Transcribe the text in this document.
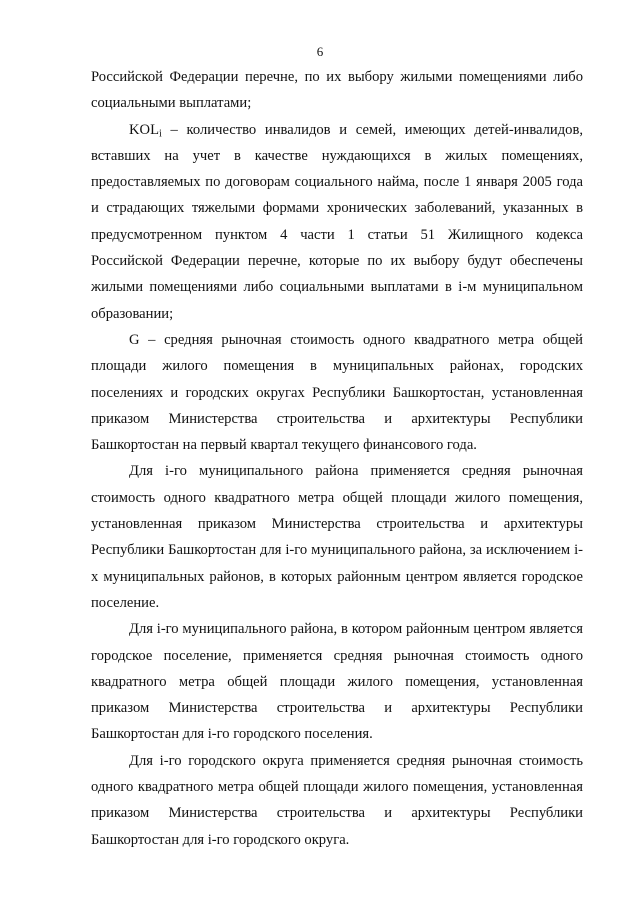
6

Российской Федерации перечне, по их выбору жилыми помещениями либо социальными выплатами;

$KOL_i$ – количество инвалидов и семей, имеющих детей-инвалидов, вставших на учет в качестве нуждающихся в жилых помещениях, предоставляемых по договорам социального найма, после 1 января 2005 года и страдающих тяжелыми формами хронических заболеваний, указанных в предусмотренном пунктом 4 части 1 статьи 51 Жилищного кодекса Российской Федерации перечне, которые по их выбору будут обеспечены жилыми помещениями либо социальными выплатами в i-м муниципальном образовании;

G – средняя рыночная стоимость одного квадратного метра общей площади жилого помещения в муниципальных районах, городских поселениях и городских округах Республики Башкортостан, установленная приказом Министерства строительства и архитектуры Республики Башкортостан на первый квартал текущего финансового года.

Для i-го муниципального района применяется средняя рыночная стоимость одного квадратного метра общей площади жилого помещения, установленная приказом Министерства строительства и архитектуры Республики Башкортостан для i-го муниципального района, за исключением i-х муниципальных районов, в которых районным центром является городское поселение.

Для i-го муниципального района, в котором районным центром является городское поселение, применяется средняя рыночная стоимость одного квадратного метра общей площади жилого помещения, установленная приказом Министерства строительства и архитектуры Республики Башкортостан для i-го городского поселения.

Для i-го городского округа применяется средняя рыночная стоимость одного квадратного метра общей площади жилого помещения, установленная приказом Министерства строительства и архитектуры Республики Башкортостан для i-го городского округа.
